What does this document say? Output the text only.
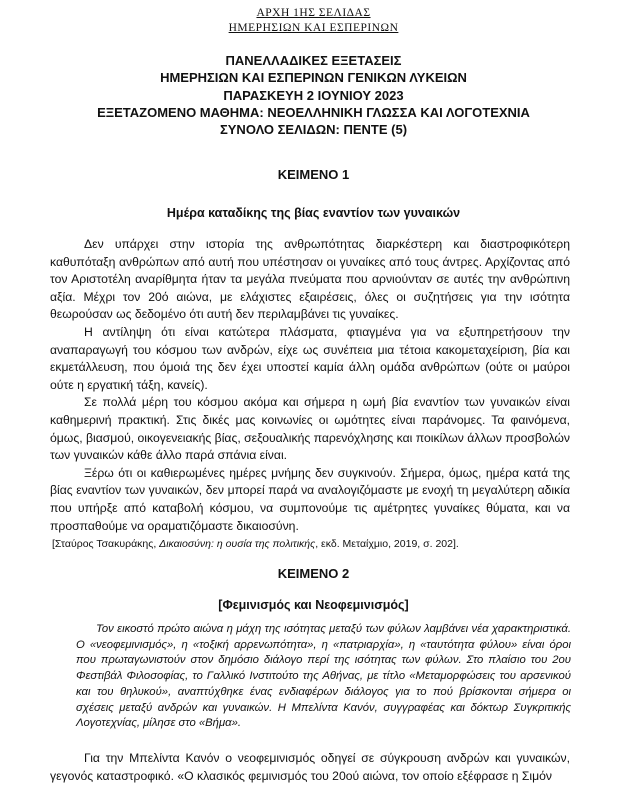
ΑΡΧΗ 1ΗΣ ΣΕΛΙΔΑΣ
ΗΜΕΡΗΣΙΩΝ ΚΑΙ ΕΣΠΕΡΙΝΩΝ
ΠΑΝΕΛΛΑΔΙΚΕΣ ΕΞΕΤΑΣΕΙΣ
ΗΜΕΡΗΣΙΩΝ ΚΑΙ ΕΣΠΕΡΙΝΩΝ ΓΕΝΙΚΩΝ ΛΥΚΕΙΩΝ
ΠΑΡΑΣΚΕΥΗ 2 ΙΟΥΝΙΟΥ 2023
ΕΞΕΤΑΖΟΜΕΝΟ ΜΑΘΗΜΑ: ΝΕΟΕΛΛΗΝΙΚΗ ΓΛΩΣΣΑ ΚΑΙ ΛΟΓΟΤΕΧΝΙΑ
ΣΥΝΟΛΟ ΣΕΛΙΔΩΝ: ΠΕΝΤΕ (5)
ΚΕΙΜΕΝΟ 1
Ημέρα καταδίκης της βίας εναντίον των γυναικών

Δεν υπάρχει στην ιστορία της ανθρωπότητας διαρκέστερη και διαστροφικότερη καθυπόταξη ανθρώπων από αυτή που υπέστησαν οι γυναίκες από τους άντρες. Αρχίζοντας από τον Αριστοτέλη αναρίθμητα ήταν τα μεγάλα πνεύματα που αρνιούνταν σε αυτές την ανθρώπινη αξία. Μέχρι τον 20ό αιώνα, με ελάχιστες εξαιρέσεις, όλες οι συζητήσεις για την ισότητα θεωρούσαν ως δεδομένο ότι αυτή δεν περιλαμβάνει τις γυναίκες.

Η αντίληψη ότι είναι κατώτερα πλάσματα, φτιαγμένα για να εξυπηρετήσουν την αναπαραγωγή του κόσμου των ανδρών, είχε ως συνέπεια μια τέτοια κακομεταχείριση, βία και εκμετάλλευση, που όμοιά της δεν έχει υποστεί καμία άλλη ομάδα ανθρώπων (ούτε οι μαύροι ούτε η εργατική τάξη, κανείς).

Σε πολλά μέρη του κόσμου ακόμα και σήμερα η ωμή βία εναντίον των γυναικών είναι καθημερινή πρακτική. Στις δικές μας κοινωνίες οι ωμότητες είναι παράνομες. Τα φαινόμενα, όμως, βιασμού, οικογενειακής βίας, σεξουαλικής παρενόχλησης και ποικίλων άλλων προσβολών των γυναικών κάθε άλλο παρά σπάνια είναι.

Ξέρω ότι οι καθιερωμένες ημέρες μνήμης δεν συγκινούν. Σήμερα, όμως, ημέρα κατά της βίας εναντίον των γυναικών, δεν μπορεί παρά να αναλογιζόμαστε με ενοχή τη μεγαλύτερη αδικία που υπήρξε από καταβολή κόσμου, να συμπονούμε τις αμέτρητες γυναίκες θύματα, και να προσπαθούμε να οραματιζόμαστε δικαιοσύνη.

[Σταύρος Τσακυράκης, Δικαιοσύνη: η ουσία της πολιτικής, εκδ. Μεταίχμιο, 2019, σ. 202].
ΚΕΙΜΕΝΟ 2
[Φεμινισμός και Νεοφεμινισμός]

Τον εικοστό πρώτο αιώνα η μάχη της ισότητας μεταξύ των φύλων λαμβάνει νέα χαρακτηριστικά. Ο «νεοφεμινισμός», η «τοξική αρρενωπότητα», η «πατριαρχία», η «ταυτότητα φύλου» είναι όροι που πρωταγωνιστούν στον δημόσιο διάλογο περί της ισότητας των φύλων. Στο πλαίσιο του 2ου Φεστιβάλ Φιλοσοφίας, το Γαλλικό Ινστιτούτο της Αθήνας, με τίτλο «Μεταμορφώσεις του αρσενικού και του θηλυκού», αναπτύχθηκε ένας ενδιαφέρων διάλογος για το πού βρίσκονται σήμερα οι σχέσεις μεταξύ ανδρών και γυναικών. Η Μπελίντα Κανόν, συγγραφέας και δόκτωρ Συγκριτικής Λογοτεχνίας, μίλησε στο «Βήμα».

Για την Μπελίντα Κανόν ο νεοφεμινισμός οδηγεί σε σύγκρουση ανδρών και γυναικών, γεγονός καταστροφικό. «Ο κλασικός φεμινισμός του 20ού αιώνα, τον οποίο εξέφρασε η Σιμόν
